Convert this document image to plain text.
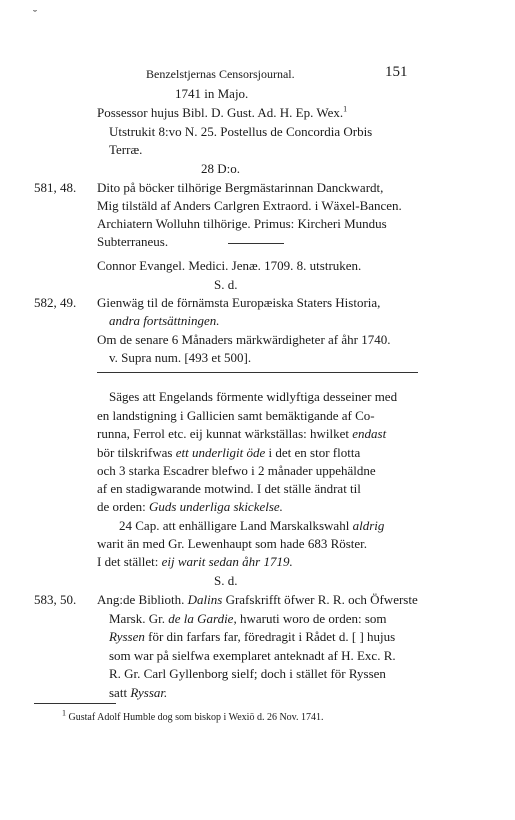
˘
Benzelstjernas Censorsjournal.	151
1741 in Majo.
Possessor hujus Bibl. D. Gust. Ad. H. Ep. Wex.$^1$
Utstrukit 8:vo N. 25. Postellus de Concordia Orbis
Terræ.
28 D:o.
581, 48. Dito på böcker tilhörige Bergmästarinnan Danckwardt,
Mig tilstäld af Anders Carlgren Extraord. i Wäxel-Bancen.
Archiatern Wolluhn tilhörige. Primus: Kircheri Mundus
Subterraneus.
Connor Evangel. Medici. Jenæ. 1709. 8. utstruken.
S. d.
582, 49. Gienwäg til de förnämsta Europæiska Staters Historia,
andra fortsättningen.
Om de senare 6 Månaders märkwärdigheter af åhr 1740.
v. Supra num. [493 et 500].
Säges att Engelands förmente widlyftiga desseiner med
en landstigning i Gallicien samt bemäktigande af Co-
runna, Ferrol etc. eij kunnat wärkställas: hwilket endast
bör tilskrifwas ett underligit öde i det en stor flotta
och 3 starka Escadrer blefwo i 2 månader uppehäldne
af en stadigwarande motwind. I det ställe ändrat til
de orden: Guds underliga skickelse.
24 Cap. att enhälligare Land Marskalkswahl aldrig
warit än med Gr. Lewenhaupt som hade 683 Röster.
I det stället: eij warit sedan åhr 1719.
S. d.
583, 50. Ang:de Biblioth. Dalins Grafskrifft öfwer R. R. och Öfwerste
Marsk. Gr. de la Gardie, hwaruti woro de orden: som
Ryssen för din farfars far, föredragit i Rådet d. [ ] hujus
som war på sielfwa exemplaret anteknadt af H. Exc. R.
R. Gr. Carl Gyllenborg sielf; doch i stället för Ryssen
satt Ryssar.
$^1$ Gustaf Adolf Humble dog som biskop i Wexiö d. 26 Nov. 1741.
